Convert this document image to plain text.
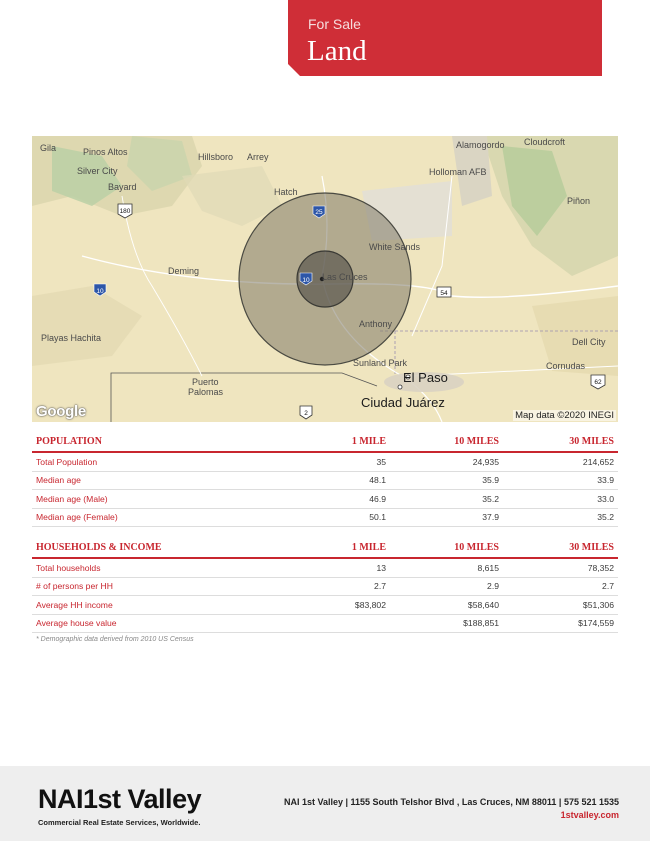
For Sale
Land
Gila	Pinos Altos
Silver City
Bayard
Hillsboro Arrey
Hatch
Alamogordo Cloudcroft
Holloman AFB
White Sands
Piñon
Deming
Las Cruces
Anthony
Playas Hachita
Sunland Park
El Paso
Ciudad Juárez
Puerto
Palomas
Dell City
Cornudas
180	25
10
10
54
62
2
Google	Map data ©2020 INEGI
POPULATION	1 MILE	10 MILES	30 MILES
Total Population	35	24,935	214,652
Median age	48.1	35.9	33.9
Median age (Male)	46.9	35.2	33.0
Median age (Female)	50.1	37.9	35.2
HOUSEHOLDS & INCOME	1 MILE	10 MILES	30 MILES
Total households	13	8,615	78,352
# of persons per HH	2.7	2.9	2.7
Average HH income	$83,802	$58,640	$51,306
Average house value		$188,851	$174,559
* Demographic data derived from 2010 US Census
NAI1st Valley
Commercial Real Estate Services, Worldwide.
NAI 1st Valley | 1155 South Telshor Blvd , Las Cruces, NM 88011 | 575 521 1535
1stvalley.com
